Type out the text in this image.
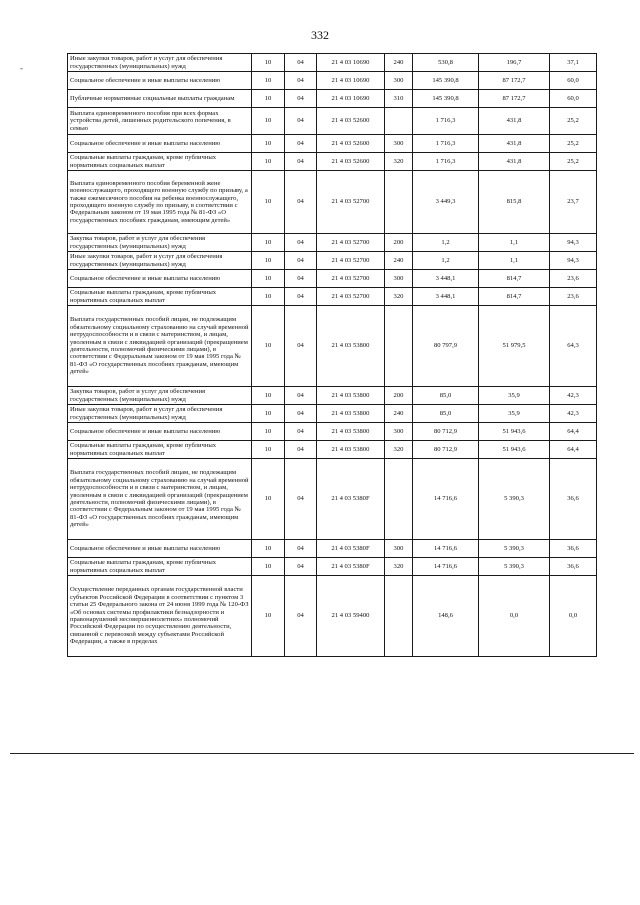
332
-
Иные закупки товаров, работ и услуг для обеспечения государственных (муниципальных) нужд	10	04	21 4 03 10690	240	530,8	196,7	37,1
Социальное обеспечение и иные выплаты населению	10	04	21 4 03 10690	300	145 390,8	87 172,7	60,0
Публичные нормативные социальные выплаты гражданам	10	04	21 4 03 10690	310	145 390,8	87 172,7	60,0
Выплата единовременного пособия при всех формах устройства детей, лишенных родительского попечения, в семью	10	04	21 4 03 52600		1 716,3	431,8	25,2
Социальное обеспечение и иные выплаты населению	10	04	21 4 03 52600	300	1 716,3	431,8	25,2
Социальные выплаты гражданам, кроме публичных нормативных социальных выплат	10	04	21 4 03 52600	320	1 716,3	431,8	25,2
Выплата единовременного пособия беременной жене военнослужащего, проходящего военную службу по призыву, а также ежемесячного пособия на ребенка военнослужащего, проходящего военную службу по призыву, в соответствии с Федеральным законом от 19 мая 1995 года № 81-ФЗ «О государственных пособиях гражданам, имеющим детей»	10	04	21 4 03 52700		3 449,3	815,8	23,7
Закупка товаров, работ и услуг для обеспечения государственных (муниципальных) нужд	10	04	21 4 03 52700	200	1,2	1,1	94,3
Иные закупки товаров, работ и услуг для обеспечения государственных (муниципальных) нужд	10	04	21 4 03 52700	240	1,2	1,1	94,3
Социальное обеспечение и иные выплаты населению	10	04	21 4 03 52700	300	3 448,1	814,7	23,6
Социальные выплаты гражданам, кроме публичных нормативных социальных выплат	10	04	21 4 03 52700	320	3 448,1	814,7	23,6
Выплата государственных пособий лицам, не подлежащим обязательному социальному страхованию на случай временной нетрудоспособности и в связи с материнством, и лицам, уволенным в связи с ликвидацией организаций (прекращением деятельности, полномочий физическими лицами), в соответствии с Федеральным законом от 19 мая 1995 года № 81-ФЗ «О государственных пособиях гражданам, имеющим детей»	10	04	21 4 03 53800		80 797,9	51 979,5	64,3
Закупка товаров, работ и услуг для обеспечения государственных (муниципальных) нужд	10	04	21 4 03 53800	200	85,0	35,9	42,3
Иные закупки товаров, работ и услуг для обеспечения государственных (муниципальных) нужд	10	04	21 4 03 53800	240	85,0	35,9	42,3
Социальное обеспечение и иные выплаты населению	10	04	21 4 03 53800	300	80 712,9	51 943,6	64,4
Социальные выплаты гражданам, кроме публичных нормативных социальных выплат	10	04	21 4 03 53800	320	80 712,9	51 943,6	64,4
Выплата государственных пособий лицам, не подлежащим обязательному социальному страхованию на случай временной нетрудоспособности и в связи с материнством, и лицам, уволенным в связи с ликвидацией организаций (прекращением деятельности, полномочий физическими лицами), в соответствии с Федеральным законом от 19 мая 1995 года № 81-ФЗ «О государственных пособиях гражданам, имеющим детей»	10	04	21 4 03 5380F		14 716,6	5 390,3	36,6
Социальное обеспечение и иные выплаты населению	10	04	21 4 03 5380F	300	14 716,6	5 390,3	36,6
Социальные выплаты гражданам, кроме публичных нормативных социальных выплат	10	04	21 4 03 5380F	320	14 716,6	5 390,3	36,6
Осуществление переданных органам государственной власти субъектов Российской Федерации в соответствии с пунктом 3 статьи 25 Федерального закона от 24 июня 1999 года № 120-ФЗ «Об основах системы профилактики безнадзорности и правонарушений несовершеннолетних» полномочий Российской Федерации по осуществлению деятельности, связанной с перевозкой между субъектами Российской Федерации, а также в пределах	10	04	21 4 03 59400		148,6	0,0	0,0
